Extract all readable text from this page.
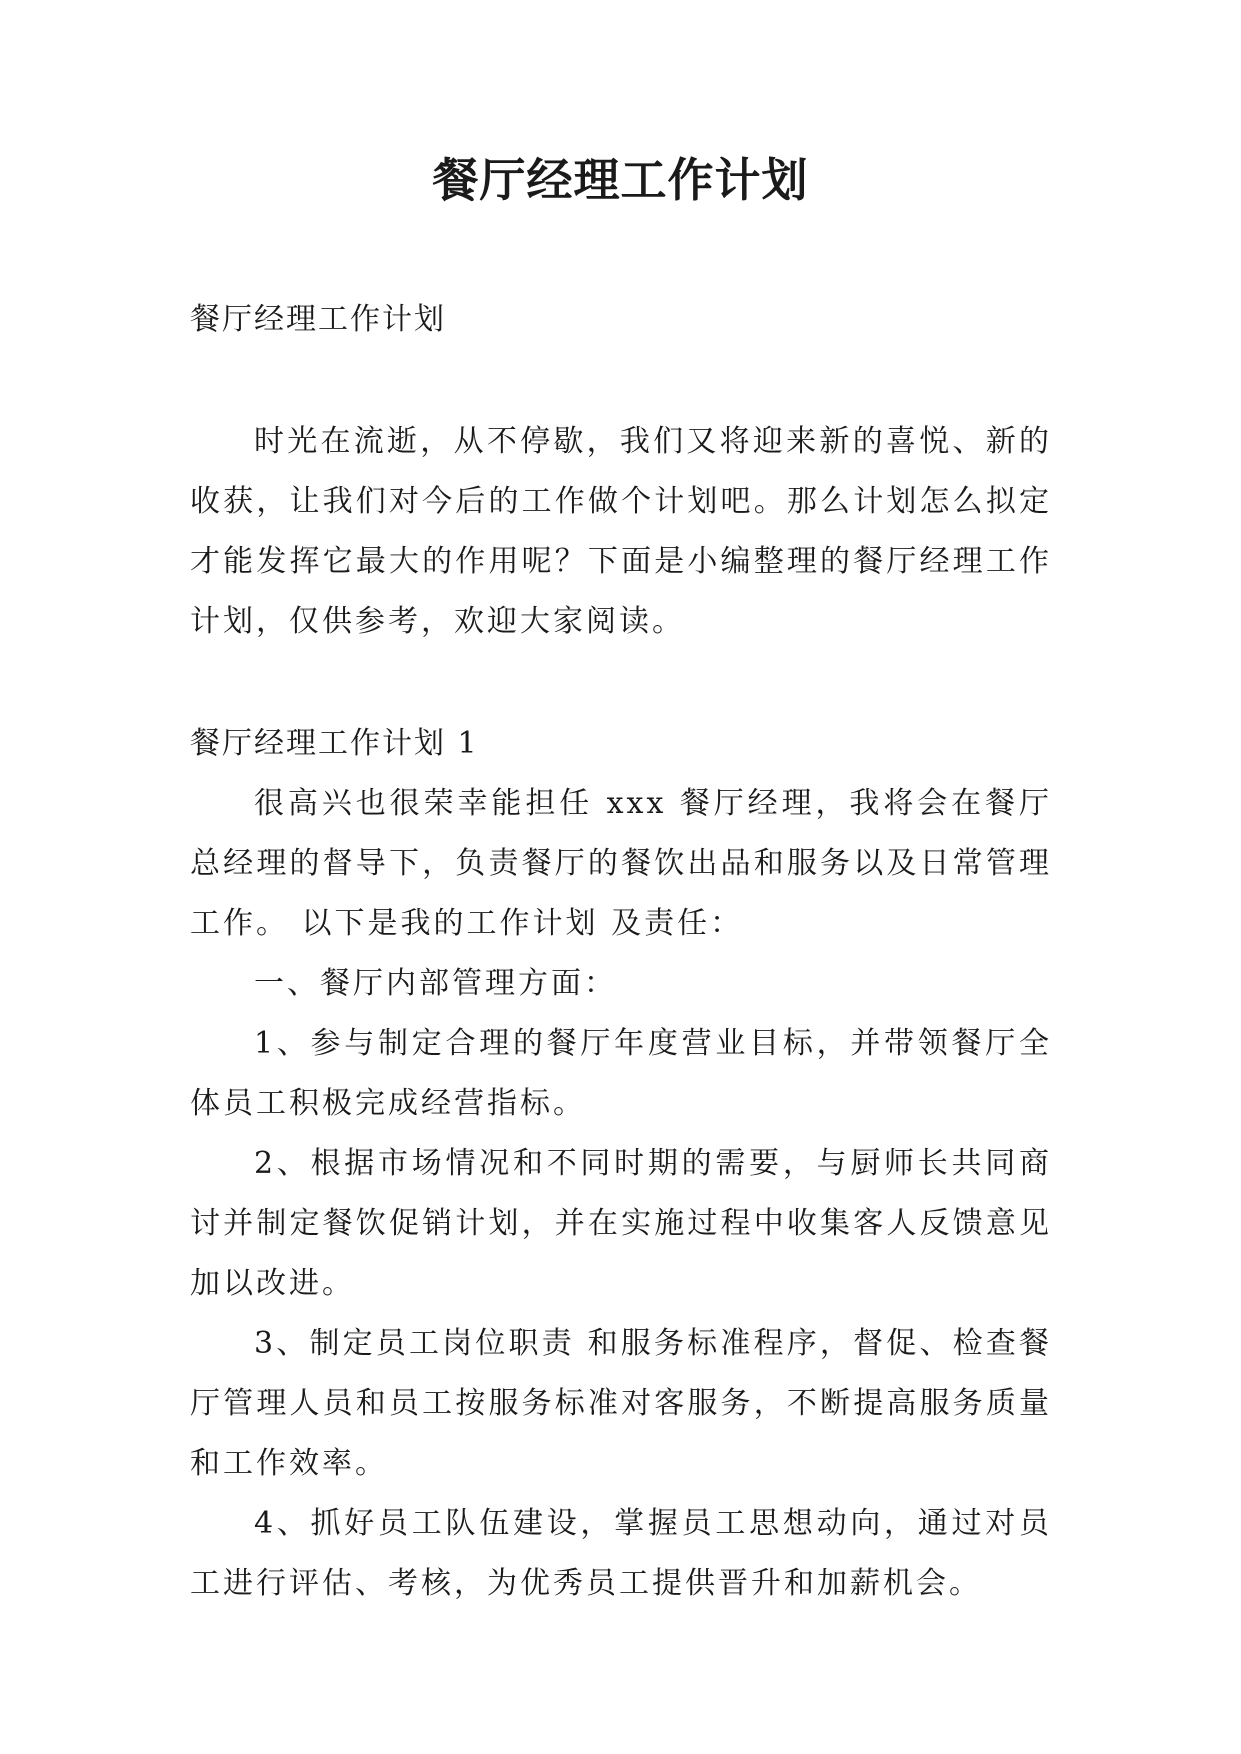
餐厅经理工作计划

餐厅经理工作计划

时光在流逝，从不停歇，我们又将迎来新的喜悦、新的收获，让我们对今后的工作做个计划吧。那么计划怎么拟定才能发挥它最大的作用呢？下面是小编整理的餐厅经理工作计划，仅供参考，欢迎大家阅读。

餐厅经理工作计划 1

很高兴也很荣幸能担任 xxx 餐厅经理，我将会在餐厅总经理的督导下，负责餐厅的餐饮出品和服务以及日常管理工作。 以下是我的工作计划 及责任：

一、餐厅内部管理方面：

1、参与制定合理的餐厅年度营业目标，并带领餐厅全体员工积极完成经营指标。

2、根据市场情况和不同时期的需要，与厨师长共同商讨并制定餐饮促销计划，并在实施过程中收集客人反馈意见加以改进。

3、制定员工岗位职责 和服务标准程序，督促、检查餐厅管理人员和员工按服务标准对客服务，不断提高服务质量和工作效率。

4、抓好员工队伍建设，掌握员工思想动向，通过对员工进行评估、考核，为优秀员工提供晋升和加薪机会。
